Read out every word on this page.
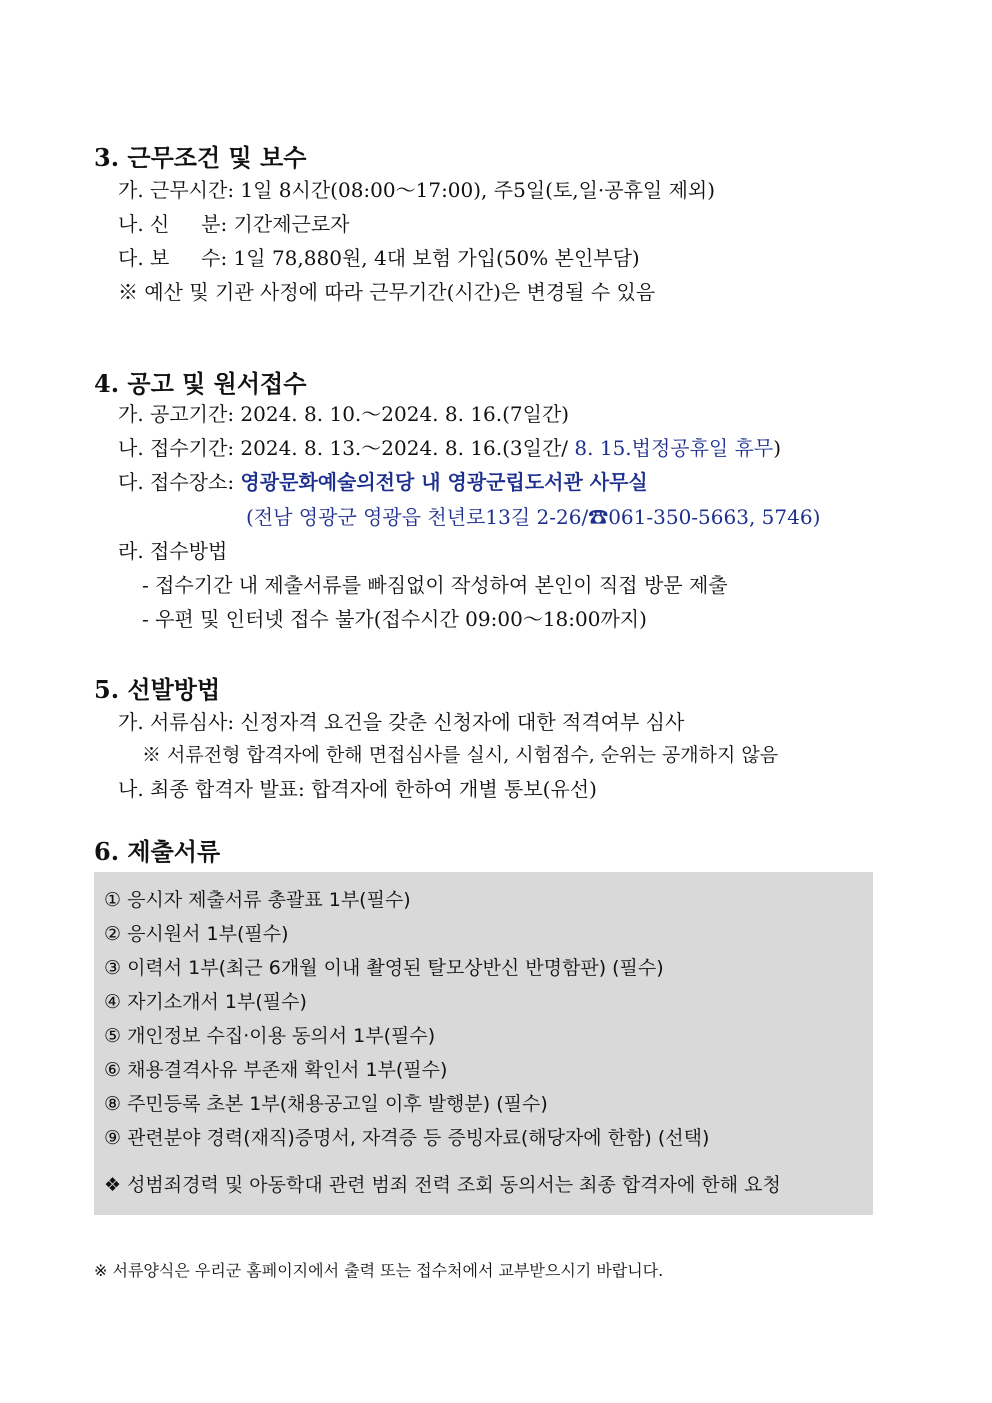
3. 근무조건 및 보수
가. 근무시간: 1일 8시간(08:00～17:00), 주5일(토,일·공휴일 제외)
나. 신     분: 기간제근로자
다. 보     수: 1일 78,880원, 4대 보험 가입(50% 본인부담)
※ 예산 및 기관 사정에 따라 근무기간(시간)은 변경될 수 있음
4. 공고 및 원서접수
가. 공고기간: 2024. 8. 10.～2024. 8. 16.(7일간)
나. 접수기간: 2024. 8. 13.～2024. 8. 16.(3일간/ 8. 15.법정공휴일 휴무)
다. 접수장소: 영광문화예술의전당 내 영광군립도서관 사무실
(전남 영광군 영광읍 천년로13길 2-26/☎061-350-5663, 5746)
라. 접수방법
- 접수기간 내 제출서류를 빠짐없이 작성하여 본인이 직접 방문 제출
- 우편 및 인터넷 접수 불가(접수시간 09:00～18:00까지)
5. 선발방법
가. 서류심사: 신정자격 요건을 갖춘 신청자에 대한 적격여부 심사
※ 서류전형 합격자에 한해 면접심사를 실시, 시험점수, 순위는 공개하지 않음
나. 최종 합격자 발표: 합격자에 한하여 개별 통보(유선)
6. 제출서류
① 응시자 제출서류 총괄표 1부(필수)
② 응시원서 1부(필수)
③ 이력서 1부(최근 6개월 이내 촬영된 탈모상반신 반명함판) (필수)
④ 자기소개서 1부(필수)
⑤ 개인정보 수집·이용 동의서 1부(필수)
⑥ 채용결격사유 부존재 확인서 1부(필수)
⑧ 주민등록 초본 1부(채용공고일 이후 발행분) (필수)
⑨ 관련분야 경력(재직)증명서, 자격증 등 증빙자료(해당자에 한함) (선택)
❖ 성범죄경력 및 아동학대 관련 범죄 전력 조회 동의서는 최종 합격자에 한해 요청
※ 서류양식은 우리군 홈페이지에서 출력 또는 접수처에서 교부받으시기 바랍니다.
